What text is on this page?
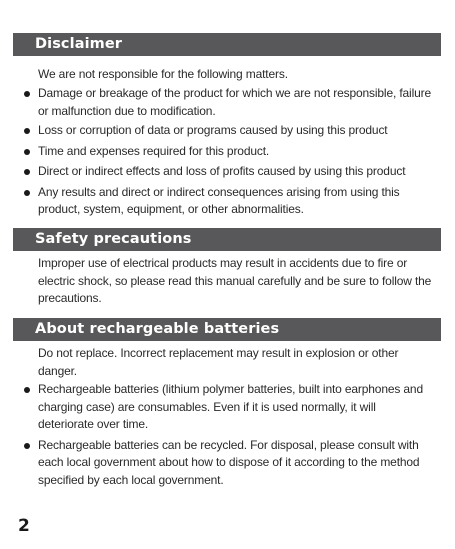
Disclaimer
We are not responsible for the following matters.
Damage or breakage of the product for which we are not responsible, failure or malfunction due to modification.
Loss or corruption of data or programs caused by using this product
Time and expenses required for this product.
Direct or indirect effects and loss of profits caused by using this product
Any results and direct or indirect consequences arising from using this product, system, equipment, or other abnormalities.
Safety precautions
Improper use of electrical products may result in accidents due to fire or electric shock, so please read this manual carefully and be sure to follow the precautions.
About rechargeable batteries
Do not replace. Incorrect replacement may result in explosion or other danger.
Rechargeable batteries (lithium polymer batteries, built into earphones and charging case) are consumables. Even if it is used normally, it will deteriorate over time.
Rechargeable batteries can be recycled. For disposal, please consult with each local government about how to dispose of it according to the method specified by each local government.
2
